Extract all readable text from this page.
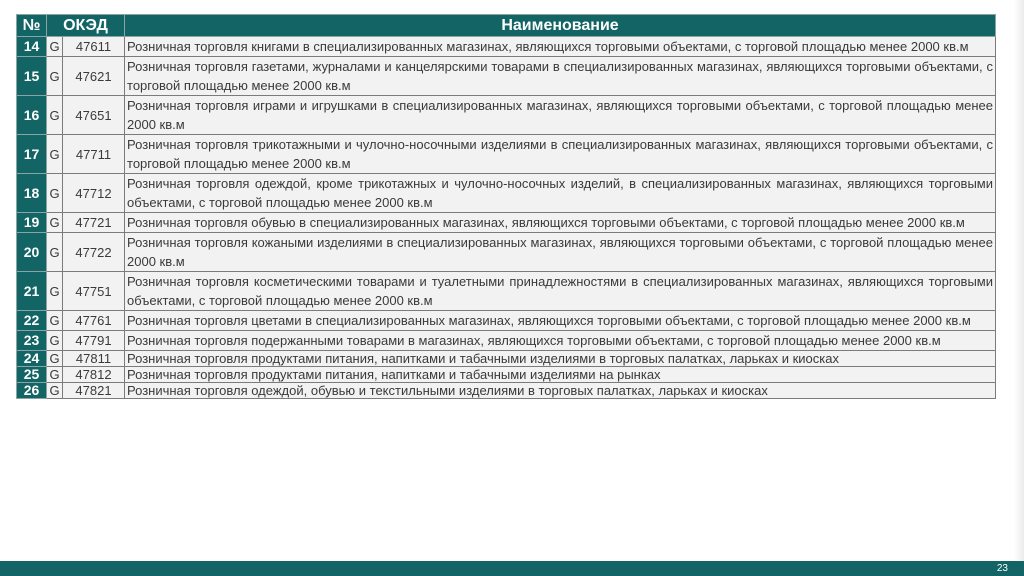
№	ОКЭД		Наименование
14	G	47611	Розничная торговля книгами в специализированных магазинах, являющихся торговыми объектами, с торговой площадью менее 2000 кв.м
15	G	47621	Розничная торговля газетами, журналами и канцелярскими товарами в специализированных магазинах, являющихся торговыми объектами, с торговой площадью менее 2000 кв.м
16	G	47651	Розничная торговля играми и игрушками в специализированных магазинах, являющихся торговыми объектами, с торговой площадью менее 2000 кв.м
17	G	47711	Розничная торговля трикотажными и чулочно-носочными изделиями в специализированных магазинах, являющихся торговыми объектами, с торговой площадью менее 2000 кв.м
18	G	47712	Розничная торговля одеждой, кроме трикотажных и чулочно-носочных изделий, в специализированных магазинах, являющихся торговыми объектами, с торговой площадью менее 2000 кв.м
19	G	47721	Розничная торговля обувью в специализированных магазинах, являющихся торговыми объектами, с торговой площадью менее 2000 кв.м
20	G	47722	Розничная торговля кожаными изделиями в специализированных магазинах, являющихся торговыми объектами, с торговой площадью менее 2000 кв.м
21	G	47751	Розничная торговля косметическими товарами и туалетными принадлежностями в специализированных магазинах, являющихся торговыми объектами, с торговой площадью менее 2000 кв.м
22	G	47761	Розничная торговля цветами в специализированных магазинах, являющихся торговыми объектами, с торговой площадью менее 2000 кв.м
23	G	47791	Розничная торговля подержанными товарами в магазинах, являющихся торговыми объектами, с торговой площадью менее 2000 кв.м
24	G	47811	Розничная торговля продуктами питания, напитками и табачными изделиями в торговых палатках, ларьках и киосках
25	G	47812	Розничная торговля продуктами питания, напитками и табачными изделиями на рынках
26	G	47821	Розничная торговля одеждой, обувью и текстильными изделиями в торговых палатках, ларьках и киосках
23
